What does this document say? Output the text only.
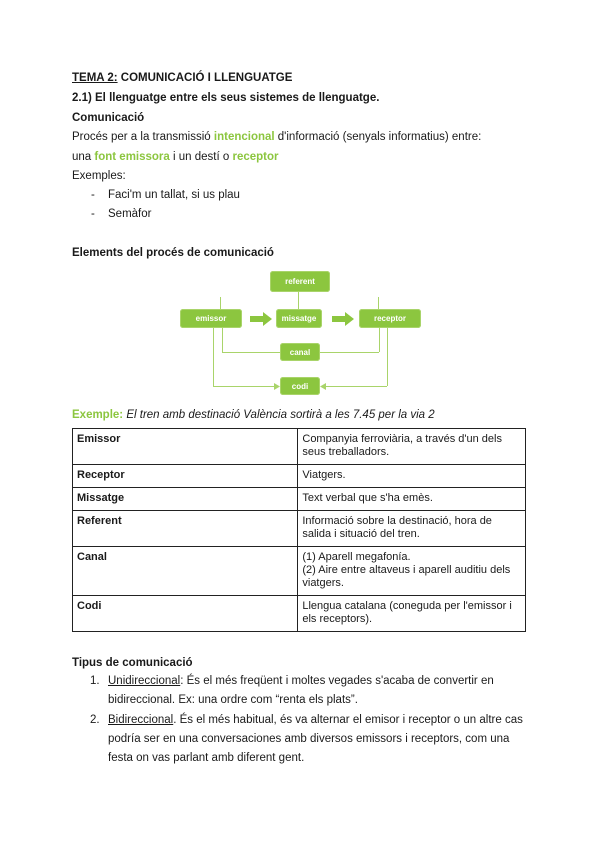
TEMA 2: COMUNICACIÓ I LLENGUATGE
2.1) El llenguatge entre els seus sistemes de llenguatge.
Comunicació
Procés per a la transmissió intencional d'informació (senyals informatius) entre:
una font emissora i un destí o receptor
Exemples:
- Faci'm un tallat, si us plau
- Semàfor
Elements del procés de comunicació
referent
emissor	missatge	receptor
canal
codi
Exemple: El tren amb destinació València sortirà a les 7.45 per la via 2
Emissor	Companyia ferroviària, a través d'un dels seus treballadors.
Receptor	Viatgers.
Missatge	Text verbal que s'ha emès.
Referent	Informació sobre la destinació, hora de salida i situació del tren.
Canal	(1) Aparell megafonía.
(2) Aire entre altaveus i aparell auditiu dels viatgers.

Codi	Llengua catalana (coneguda per l'emissor i els receptors).
Tipus de comunicació
1. Unidireccional: És el més freqüent i moltes vegades s'acaba de convertir en bidireccional. Ex: una ordre com “renta els plats”.
2. Bidireccional. És el més habitual, és va alternar el emisor i receptor o un altre cas podría ser en una conversaciones amb diversos emissors i receptors, com una festa on vas parlant amb diferent gent.
